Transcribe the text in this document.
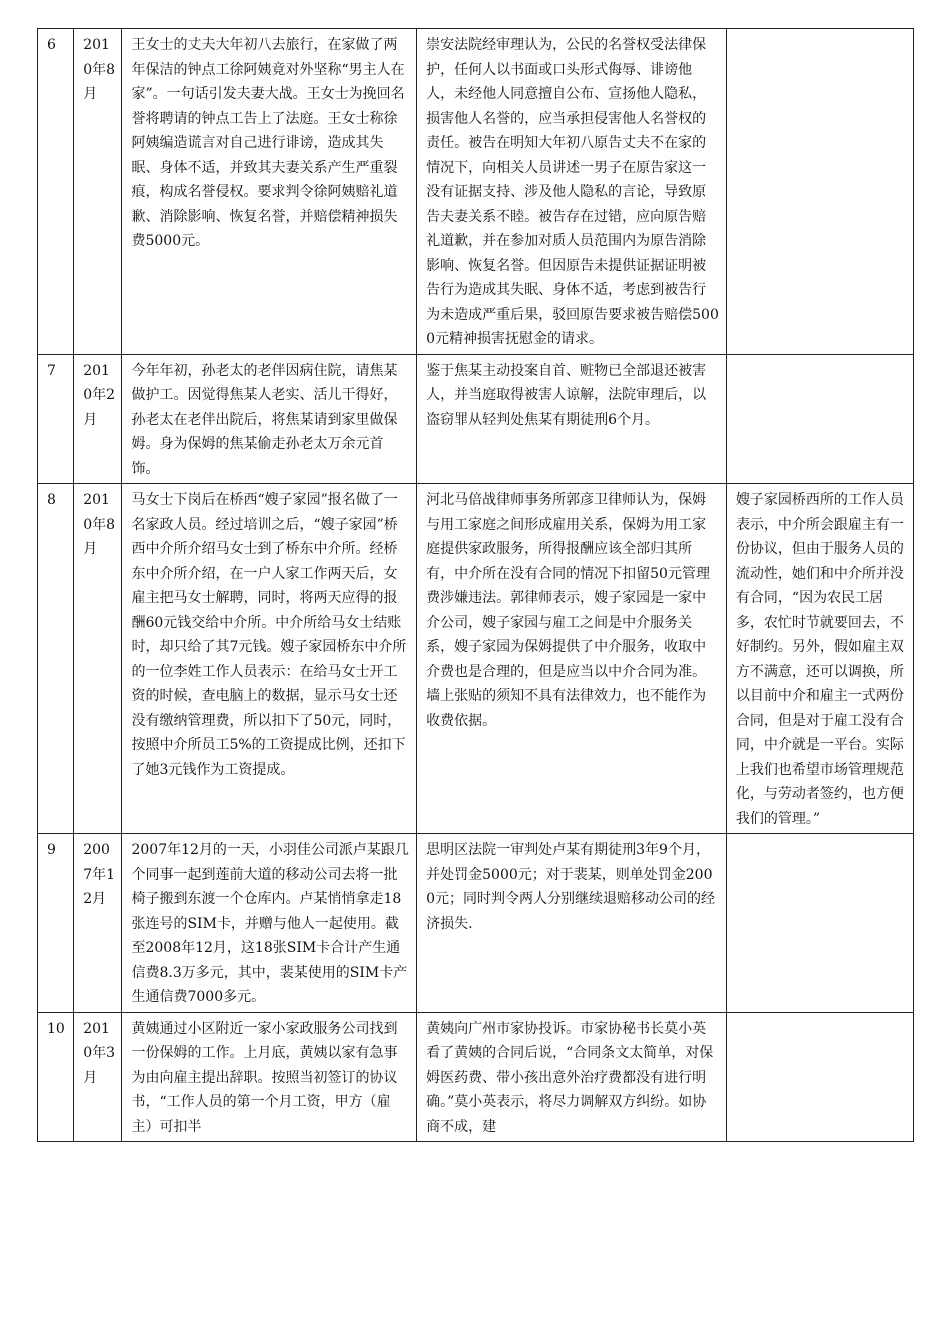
6	2010年8月	王女士的丈夫大年初八去旅行，在家做了两年保洁的钟点工徐阿姨竟对外坚称“男主人在家”。一句话引发夫妻大战。王女士为挽回名誉将聘请的钟点工告上了法庭。王女士称徐阿姨编造谎言对自己进行诽谤，造成其失眠、身体不适，并致其夫妻关系产生严重裂痕，构成名誉侵权。要求判令徐阿姨赔礼道歉、消除影响、恢复名誉，并赔偿精神损失费5000元。	崇安法院经审理认为，公民的名誉权受法律保护，任何人以书面或口头形式侮辱、诽谤他人，未经他人同意擅自公布、宣扬他人隐私，损害他人名誉的，应当承担侵害他人名誉权的责任。被告在明知大年初八原告丈夫不在家的情况下，向相关人员讲述一男子在原告家这一没有证据支持、涉及他人隐私的言论，导致原告夫妻关系不睦。被告存在过错，应向原告赔礼道歉，并在参加对质人员范围内为原告消除影响、恢复名誉。但因原告未提供证据证明被告行为造成其失眠、身体不适，考虑到被告行为未造成严重后果，驳回原告要求被告赔偿5000元精神损害抚慰金的请求。	
7	2010年2月	今年年初，孙老太的老伴因病住院，请焦某做护工。因觉得焦某人老实、活儿干得好，孙老太在老伴出院后，将焦某请到家里做保姆。身为保姆的焦某偷走孙老太万余元首饰。	鉴于焦某主动投案自首、赃物已全部退还被害人，并当庭取得被害人谅解，法院审理后，以盗窃罪从轻判处焦某有期徒刑6个月。	
8	2010年8月	马女士下岗后在桥西“嫂子家园”报名做了一名家政人员。经过培训之后，“嫂子家园”桥西中介所介绍马女士到了桥东中介所。经桥东中介所介绍，在一户人家工作两天后，女雇主把马女士解聘，同时，将两天应得的报酬60元钱交给中介所。中介所给马女士结账时，却只给了其7元钱。嫂子家园桥东中介所的一位李姓工作人员表示：在给马女士开工资的时候，查电脑上的数据，显示马女士还没有缴纳管理费，所以扣下了50元，同时，按照中介所员工5%的工资提成比例，还扣下了她3元钱作为工资提成。	河北马倍战律师事务所郭彦卫律师认为，保姆与用工家庭之间形成雇用关系，保姆为用工家庭提供家政服务，所得报酬应该全部归其所有，中介所在没有合同的情况下扣留50元管理费涉嫌违法。郭律师表示，嫂子家园是一家中介公司，嫂子家园与雇工之间是中介服务关系，嫂子家园为保姆提供了中介服务，收取中介费也是合理的，但是应当以中介合同为准。墙上张贴的须知不具有法律效力，也不能作为收费依据。	嫂子家园桥西所的工作人员表示，中介所会跟雇主有一份协议，但由于服务人员的流动性，她们和中介所并没有合同，“因为农民工居多，农忙时节就要回去，不好制约。另外，假如雇主双方不满意，还可以调换，所以目前中介和雇主一式两份合同，但是对于雇工没有合同，中介就是一平台。实际上我们也希望市场管理规范化，与劳动者签约，也方便我们的管理。”
9	2007年12月	2007年12月的一天，小羽佳公司派卢某跟几个同事一起到莲前大道的移动公司去将一批椅子搬到东渡一个仓库内。卢某悄悄拿走18张连号的SIM卡，并赠与他人一起使用。截至2008年12月，这18张SIM卡合计产生通信费8.3万多元，其中，裴某使用的SIM卡产生通信费7000多元。	思明区法院一审判处卢某有期徒刑3年9个月，并处罚金5000元；对于裴某，则单处罚金2000元；同时判令两人分别继续退赔移动公司的经济损失.	
10	2010年3月	黄姨通过小区附近一家小家政服务公司找到一份保姆的工作。上月底，黄姨以家有急事为由向雇主提出辞职。按照当初签订的协议书，“工作人员的第一个月工资，甲方（雇主）可扣半	黄姨向广州市家协投诉。市家协秘书长莫小英看了黄姨的合同后说，“合同条文太简单，对保姆医药费、带小孩出意外治疗费都没有进行明确。”莫小英表示，将尽力调解双方纠纷。如协商不成，建	
